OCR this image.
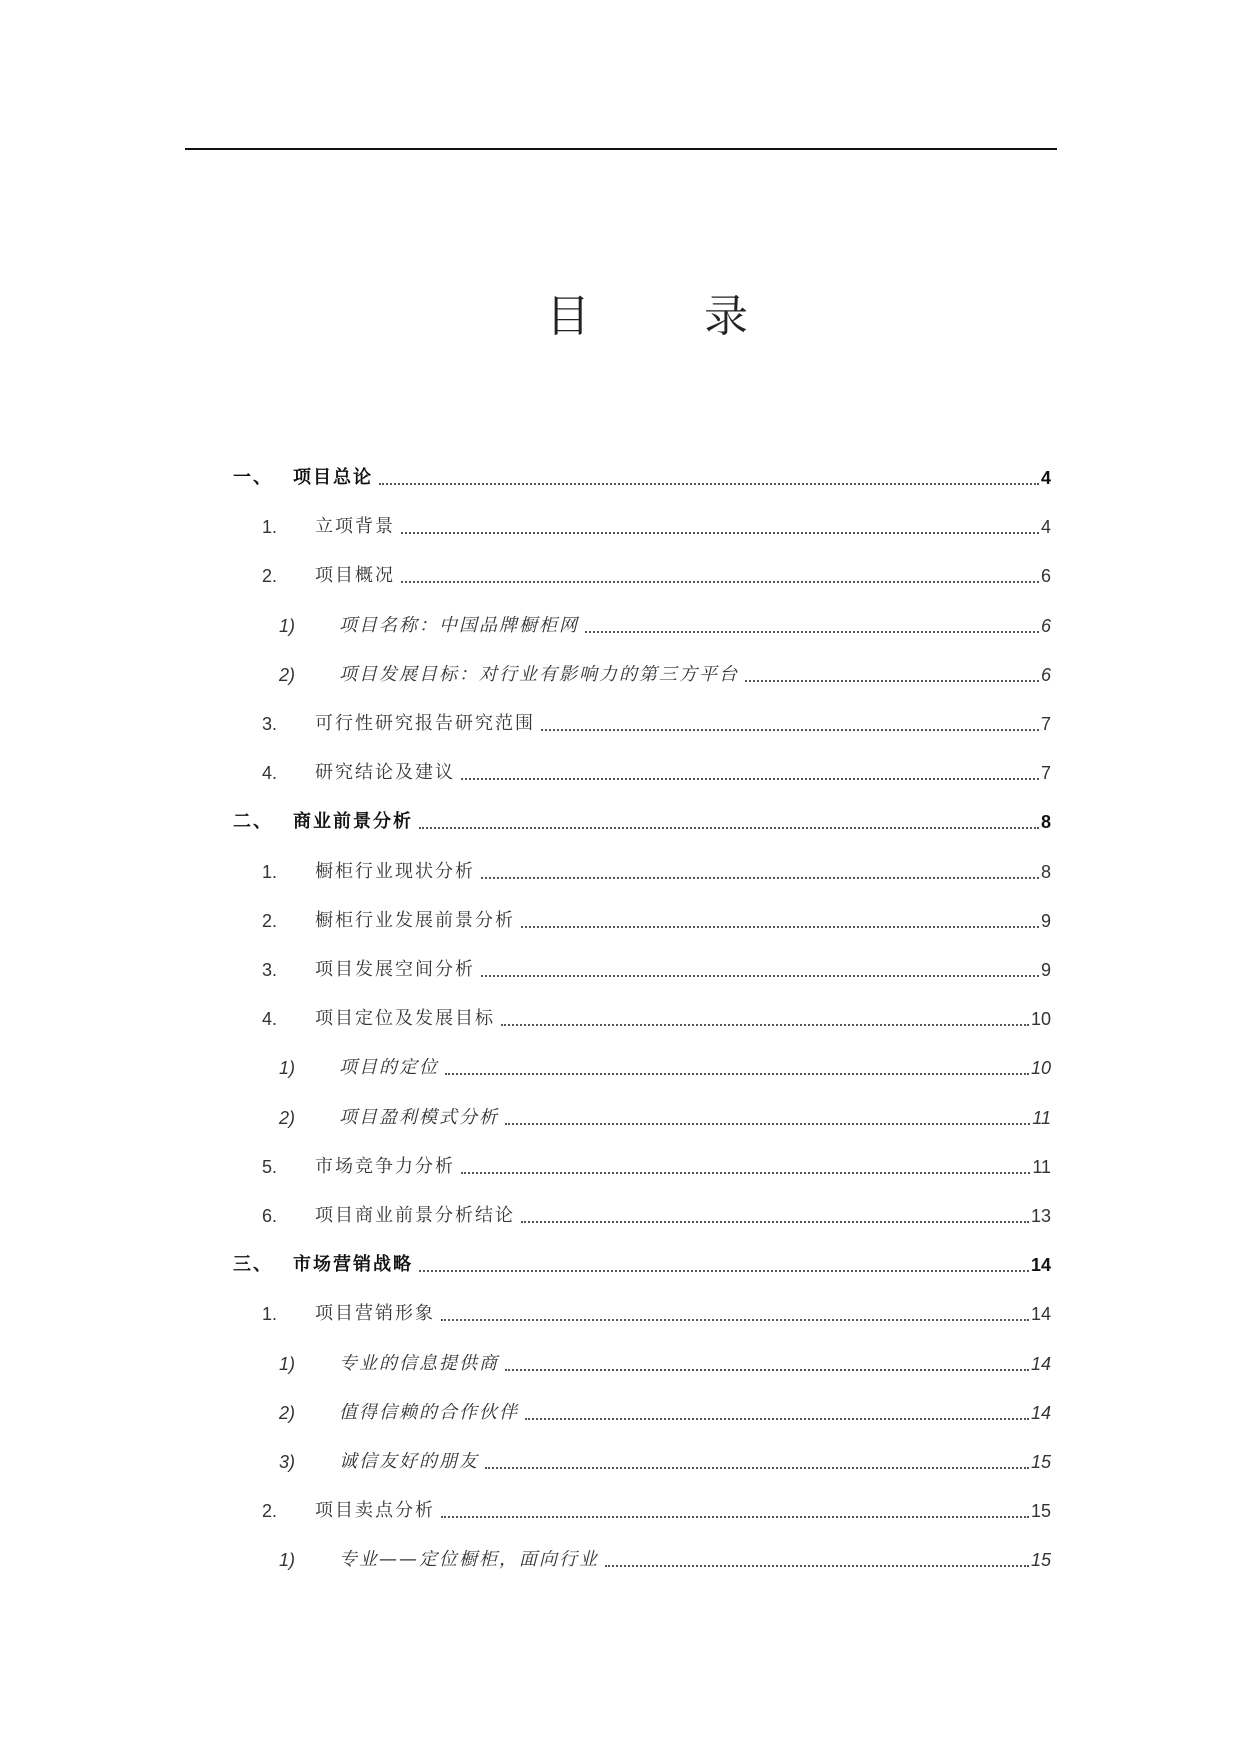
目	录
一、 项目总论	4
1. 立项背景	4
2. 项目概况	6
1) 项目名称：中国品牌橱柜网	6
2) 项目发展目标：对行业有影响力的第三方平台	6
3. 可行性研究报告研究范围	7
4. 研究结论及建议	7
二、 商业前景分析	8
1. 橱柜行业现状分析	8
2. 橱柜行业发展前景分析	9
3. 项目发展空间分析	9
4. 项目定位及发展目标	10
1) 项目的定位	10
2) 项目盈利模式分析	11
5. 市场竞争力分析	11
6. 项目商业前景分析结论	13
三、 市场营销战略	14
1. 项目营销形象	14
1) 专业的信息提供商	14
2) 值得信赖的合作伙伴	14
3) 诚信友好的朋友	15
2. 项目卖点分析	15
1) 专业——定位橱柜，面向行业	15
